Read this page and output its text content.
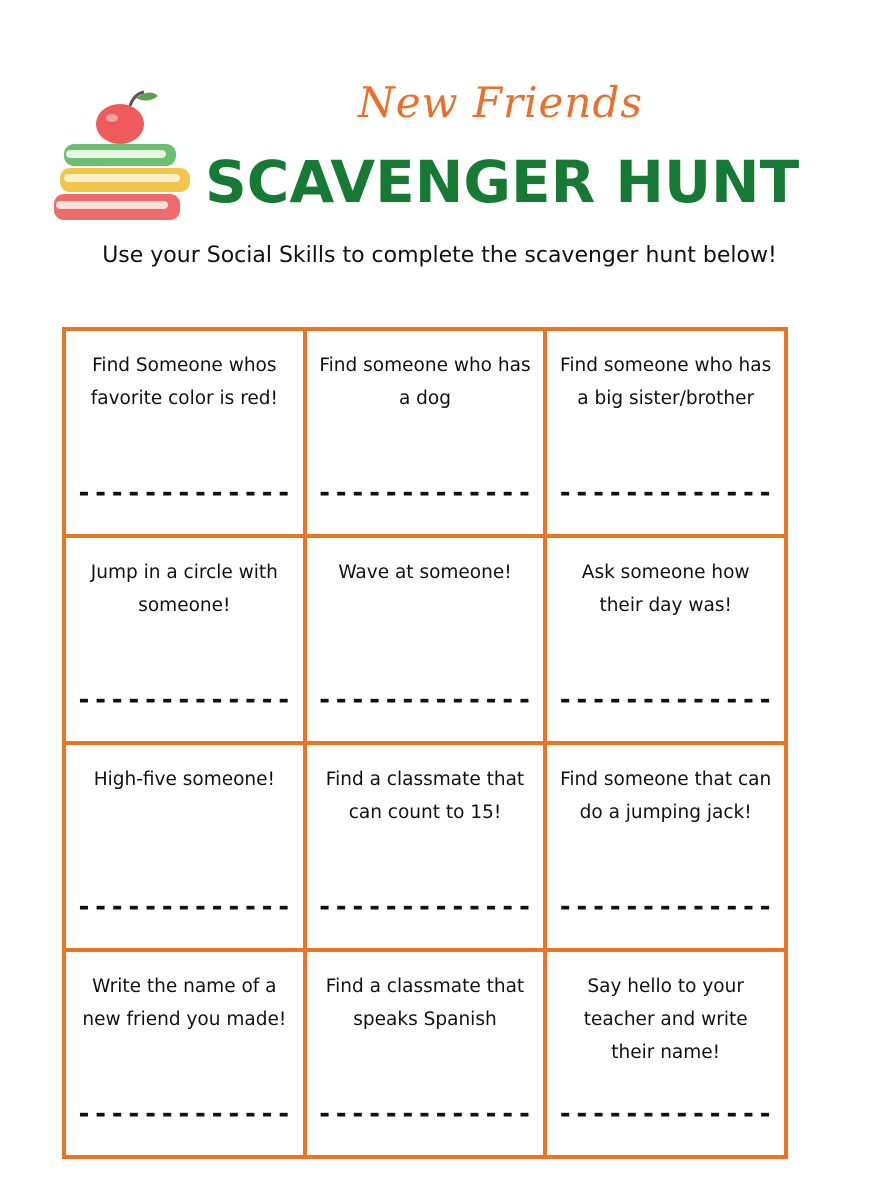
New Friends
SCAVENGER HUNT
Use your Social Skills to complete the scavenger hunt below!
Find Someone whos favorite color is red!
-------------
Find someone who has a dog
-------------
Find someone who has a big sister/brother
-------------
Jump in a circle with someone!
-------------
Wave at someone!
-------------
Ask someone how their day was!
-------------
High-five someone!
-------------
Find a classmate that can count to 15!
-------------
Find someone that can do a jumping jack!
-------------
Write the name of a new friend you made!
-------------
Find a classmate that speaks Spanish
-------------
Say hello to your teacher and write their name!
-------------
